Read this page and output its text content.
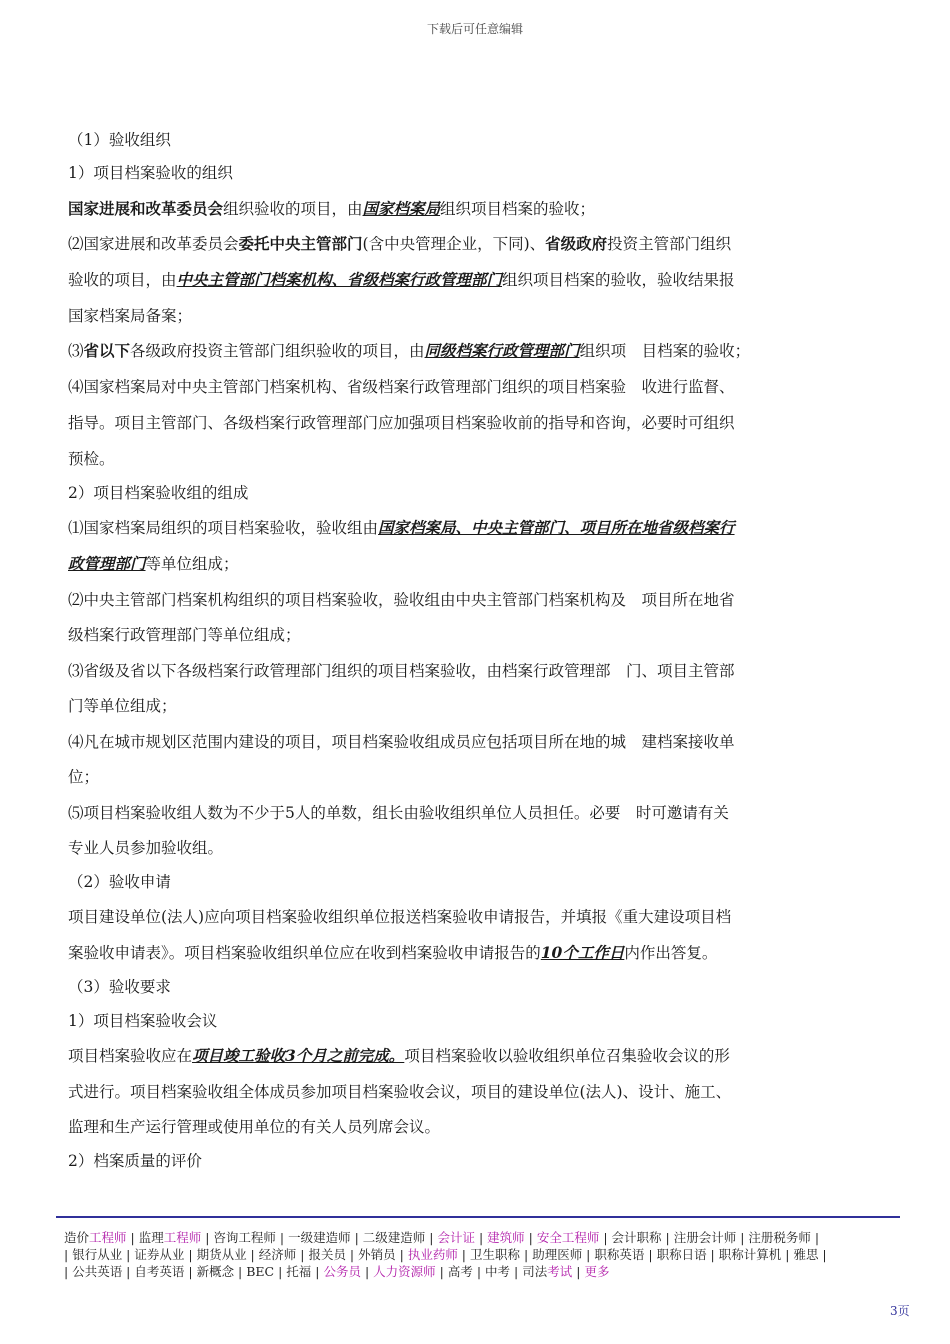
下载后可任意编辑
（1）验收组织
1）项目档案验收的组织
国家进展和改革委员会组织验收的项目，由国家档案局组织项目档案的验收；
⑵国家进展和改革委员会委托中央主管部门(含中央管理企业，下同)、省级政府投资主管部门组织
验收的项目，由中央主管部门档案机构、省级档案行政管理部门组织项目档案的验收，验收结果报
国家档案局备案；
⑶省以下各级政府投资主管部门组织验收的项目，由同级档案行政管理部门组织项　目档案的验收；
⑷国家档案局对中央主管部门档案机构、省级档案行政管理部门组织的项目档案验　收进行监督、
指导。项目主管部门、各级档案行政管理部门应加强项目档案验收前的指导和咨询，必要时可组织
预检。
2）项目档案验收组的组成
⑴国家档案局组织的项目档案验收，验收组由国家档案局、中央主管部门、项目所在地省级档案行
政管理部门等单位组成；
⑵中央主管部门档案机构组织的项目档案验收，验收组由中央主管部门档案机构及　项目所在地省
级档案行政管理部门等单位组成；
⑶省级及省以下各级档案行政管理部门组织的项目档案验收，由档案行政管理部　门、项目主管部
门等单位组成；
⑷凡在城市规划区范围内建设的项目，项目档案验收组成员应包括项目所在地的城　建档案接收单
位；
⑸项目档案验收组人数为不少于5人的单数，组长由验收组织单位人员担任。必要　时可邀请有关
专业人员参加验收组。
（2）验收申请
项目建设单位(法人)应向项目档案验收组织单位报送档案验收申请报告，并填报《重大建设项目档
案验收申请表》。项目档案验收组织单位应在收到档案验收申请报告的10个工作日内作出答复。
（3）验收要求
1）项目档案验收会议
项目档案验收应在项目竣工验收3个月之前完成。项目档案验收以验收组织单位召集验收会议的形
式进行。项目档案验收组全体成员参加项目档案验收会议，项目的建设单位(法人)、设计、施工、
监理和生产运行管理或使用单位的有关人员列席会议。
2）档案质量的评价
造价工程师 | 监理工程师 | 咨询工程师 | 一级建造师 | 二级建造师 | 会计证 | 建筑师 | 安全工程师 | 会计职称 | 注册会计师 | 注册税务师 |
| 银行从业 | 证券从业 | 期货从业 | 经济师 | 报关员 | 外销员 | 执业药师 | 卫生职称 | 助理医师 | 职称英语 | 职称日语 | 职称计算机 | 雅思 |
| 公共英语 | 自考英语 | 新概念 | BEC | 托福 | 公务员 | 人力资源师 | 高考 | 中考 | 司法考试 | 更多
3页
